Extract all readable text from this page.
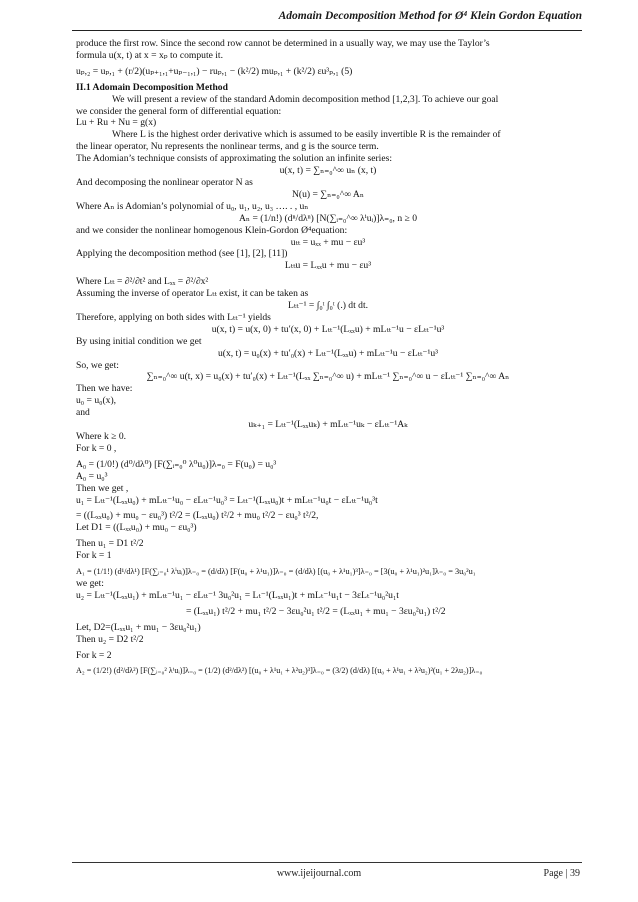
Adomain Decomposition Method for Ø⁴ Klein Gordon Equation

produce the first row. Since the second row cannot be determined in a usually way, we may use the Taylor’s

formula u(x, t) at x = xₚ to compute it.

uₚ,₂ = uₚ,₁ + (r/2)(uₚ₊₁,₁+uₚ₋₁,₁) − ruₚ,₁ − (k²/2) muₚ,₁ + (k²/2) εu³ₚ,₁ (5)

II.1 Adomain Decomposition Method

We will present a review of the standard Adomin decomposition method [1,2,3]. To achieve our goal

we consider the general form of differential equation:

Lu + Ru + Nu = g(x)

Where L is the highest order derivative which is assumed to be easily invertible R is the remainder of

the linear operator, Nu represents the nonlinear terms, and g is the source term.

The Adomian’s technique consists of approximating the solution an infinite series:

u(x, t) = ∑ₙ₌₀^∞ uₙ (x, t)

And decomposing the nonlinear operator N as

N(u) = ∑ₙ₌₀^∞ Aₙ

Where Aₙ is Adomian’s polynomial of u₀, u₁, u₂, u₃ …. . , uₙ

Aₙ = (1/n!) (dⁿ/dλⁿ) [N(∑ᵢ₌₀^∞ λⁱuᵢ)]λ₌₀, n ≥ 0

and we consider the nonlinear homogenous Klein-Gordon Ø⁴equation:

uₜₜ = uₓₓ + mu − εu³

Applying the decomposition method (see [1], [2], [11])

Lₜₜu = Lₓₓu + mu − εu³

Where Lₜₜ = ∂²/∂t² and Lₓₓ = ∂²/∂x²

Assuming the inverse of operator Lₜₜ exist, it can be taken as

Lₜₜ⁻¹ = ∫₀ᵗ ∫₀ᵗ (.) dt dt.

Therefore, applying on both sides with Lₜₜ⁻¹ yields

u(x, t) = u(x, 0) + tu′(x, 0) + Lₜₜ⁻¹(Lₓₓu) + mLₜₜ⁻¹u − εLₜₜ⁻¹u³

By using initial condition we get

u(x, t) = u₀(x) + tu′₀(x) + Lₜₜ⁻¹(Lₓₓu) + mLₜₜ⁻¹u − εLₜₜ⁻¹u³

So, we get:

∑ₙ₌₀^∞ u(t, x) = u₀(x) + tu′₀(x) + Lₜₜ⁻¹(Lₓₓ ∑ₙ₌₀^∞ u) + mLₜₜ⁻¹ ∑ₙ₌₀^∞ u − εLₜₜ⁻¹ ∑ₙ₌₀^∞ Aₙ

Then we have:

u₀ = u₀(x),

and

uₖ₊₁ = Lₜₜ⁻¹(Lₓₓuₖ) + mLₜₜ⁻¹uₖ − εLₜₜ⁻¹Aₖ

Where k ≥ 0.

For k = 0 ,

A₀ = (1/0!) (d⁰/dλ⁰) [F(∑ᵢ₌₀⁰ λ⁰u₀)]λ₌₀ = F(u₀) = u₀³

A₀ = u₀³

Then we get ,

u₁ = Lₜₜ⁻¹(Lₓₓu₀) + mLₜₜ⁻¹u₀ − εLₜₜ⁻¹u₀³ = Lₜₜ⁻¹(Lₓₓu₀)t + mLₜₜ⁻¹u₀t − εLₜₜ⁻¹u₀³t

= ((Lₓₓu₀) + mu₀ − εu₀³) t²/2 = (Lₓₓu₀) t²/2 + mu₀ t²/2 − εu₀³ t²/2,

Let D1 = ((Lₓₓu₀) + mu₀ − εu₀³)

Then u₁ = D1 t²/2

For k = 1

A₁ = (1/1!) (d¹/dλ¹) [F(∑ᵢ₌₀¹ λⁱuᵢ)]λ₌₀ = (d/dλ) [F(u₀ + λ¹u₁)]λ₌₀ = (d/dλ) [(u₀ + λ¹u₁)³]λ₌₀ = [3(u₀ + λ¹u₁)²u₁]λ₌₀ = 3u₀²u₁

we get:

u₂ = Lₜₜ⁻¹(Lₓₓu₁) + mLₜₜ⁻¹u₁ − εLₜₜ⁻¹ 3u₀²u₁ = Lₜ⁻¹(Lₓₓu₁)t + mLₜ⁻¹u₁t − 3εLₜ⁻¹u₀²u₁t

= (Lₓₓu₁) t²/2 + mu₁ t²/2 − 3εu₀²u₁ t²/2 = (Lₓₓu₁ + mu₁ − 3εu₀²u₁) t²/2

Let, D2=(Lₓₓu₁ + mu₁ − 3εu₀²u₁)

Then u₂ = D2 t²/2

For k = 2

A₂ = (1/2!) (d²/dλ²) [F(∑ᵢ₌₀² λⁱuᵢ)]λ₌₀ = (1/2) (d²/dλ²) [(u₀ + λ¹u₁ + λ²u₂)³]λ₌₀ = (3/2) (d/dλ) [(u₀ + λ¹u₁ + λ²u₂)²(u₁ + 2λu₂)]λ₌₀

www.ijeijournal.com	Page | 39
